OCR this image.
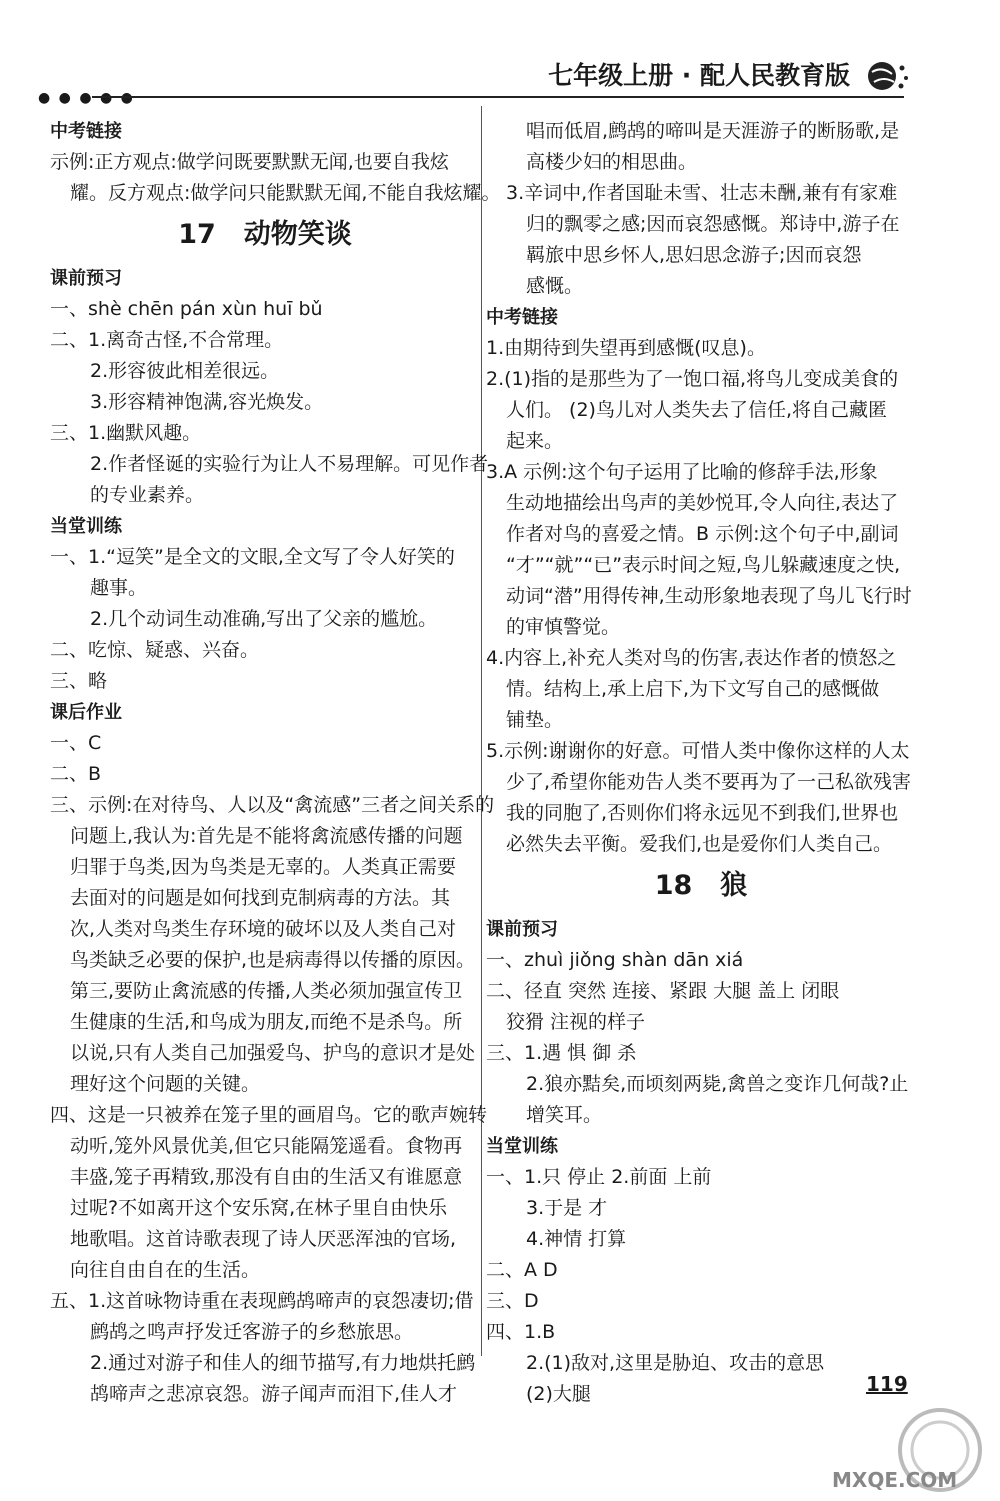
● ● ● ● ●
七年级上册 · 配人民教育版
中考链接
示例:正方观点:做学问既要默默无闻,也要自我炫
耀。反方观点:做学问只能默默无闻,不能自我炫耀。
17 动物笑谈
课前预习
一、shè chēn pán xùn huī bǔ
二、1.离奇古怪,不合常理。
2.形容彼此相差很远。
3.形容精神饱满,容光焕发。
三、1.幽默风趣。
2.作者怪诞的实验行为让人不易理解。可见作者
的专业素养。
当堂训练
一、1.“逗笑”是全文的文眼,全文写了令人好笑的
趣事。
2.几个动词生动准确,写出了父亲的尴尬。
二、吃惊、疑惑、兴奋。
三、略
课后作业
一、C
二、B
三、示例:在对待鸟、人以及“禽流感”三者之间关系的
问题上,我认为:首先是不能将禽流感传播的问题
归罪于鸟类,因为鸟类是无辜的。人类真正需要
去面对的问题是如何找到克制病毒的方法。其
次,人类对鸟类生存环境的破坏以及人类自己对
鸟类缺乏必要的保护,也是病毒得以传播的原因。
第三,要防止禽流感的传播,人类必须加强宣传卫
生健康的生活,和鸟成为朋友,而绝不是杀鸟。所
以说,只有人类自己加强爱鸟、护鸟的意识才是处
理好这个问题的关键。
四、这是一只被养在笼子里的画眉鸟。它的歌声婉转
动听,笼外风景优美,但它只能隔笼遥看。食物再
丰盛,笼子再精致,那没有自由的生活又有谁愿意
过呢?不如离开这个安乐窝,在林子里自由快乐
地歌唱。这首诗歌表现了诗人厌恶浑浊的官场,
向往自由自在的生活。
五、1.这首咏物诗重在表现鹧鸪啼声的哀怨凄切;借
鹧鸪之鸣声抒发迁客游子的乡愁旅思。
2.通过对游子和佳人的细节描写,有力地烘托鹧
鸪啼声之悲凉哀怨。游子闻声而泪下,佳人才
唱而低眉,鹧鸪的啼叫是天涯游子的断肠歌,是
高楼少妇的相思曲。
3.辛词中,作者国耻未雪、壮志未酬,兼有有家难
归的飘零之感;因而哀怨感慨。郑诗中,游子在
羁旅中思乡怀人,思妇思念游子;因而哀怨
感慨。
中考链接
1.由期待到失望再到感慨(叹息)。
2.(1)指的是那些为了一饱口福,将鸟儿变成美食的
人们。 (2)鸟儿对人类失去了信任,将自己藏匿
起来。
3.A 示例:这个句子运用了比喻的修辞手法,形象
生动地描绘出鸟声的美妙悦耳,令人向往,表达了
作者对鸟的喜爱之情。B 示例:这个句子中,副词
“才”“就”“已”表示时间之短,鸟儿躲藏速度之快,
动词“潜”用得传神,生动形象地表现了鸟儿飞行时
的审慎警觉。
4.内容上,补充人类对鸟的伤害,表达作者的愤怒之
情。结构上,承上启下,为下文写自己的感慨做
铺垫。
5.示例:谢谢你的好意。可惜人类中像你这样的人太
少了,希望你能劝告人类不要再为了一己私欲残害
我的同胞了,否则你们将永远见不到我们,世界也
必然失去平衡。爱我们,也是爱你们人类自己。
18 狼
课前预习
一、zhuì jiǒng shàn dān xiá
二、径直 突然 连接、紧跟 大腿 盖上 闭眼
狡猾 注视的样子
三、1.遇 惧 御 杀
2.狼亦黠矣,而顷刻两毙,禽兽之变诈几何哉?止
增笑耳。
当堂训练
一、1.只 停止 2.前面 上前
3.于是 才
4.神情 打算
二、A D
三、D
四、1.B
2.(1)敌对,这里是胁迫、攻击的意思
(2)大腿	119
MXQE.COM
